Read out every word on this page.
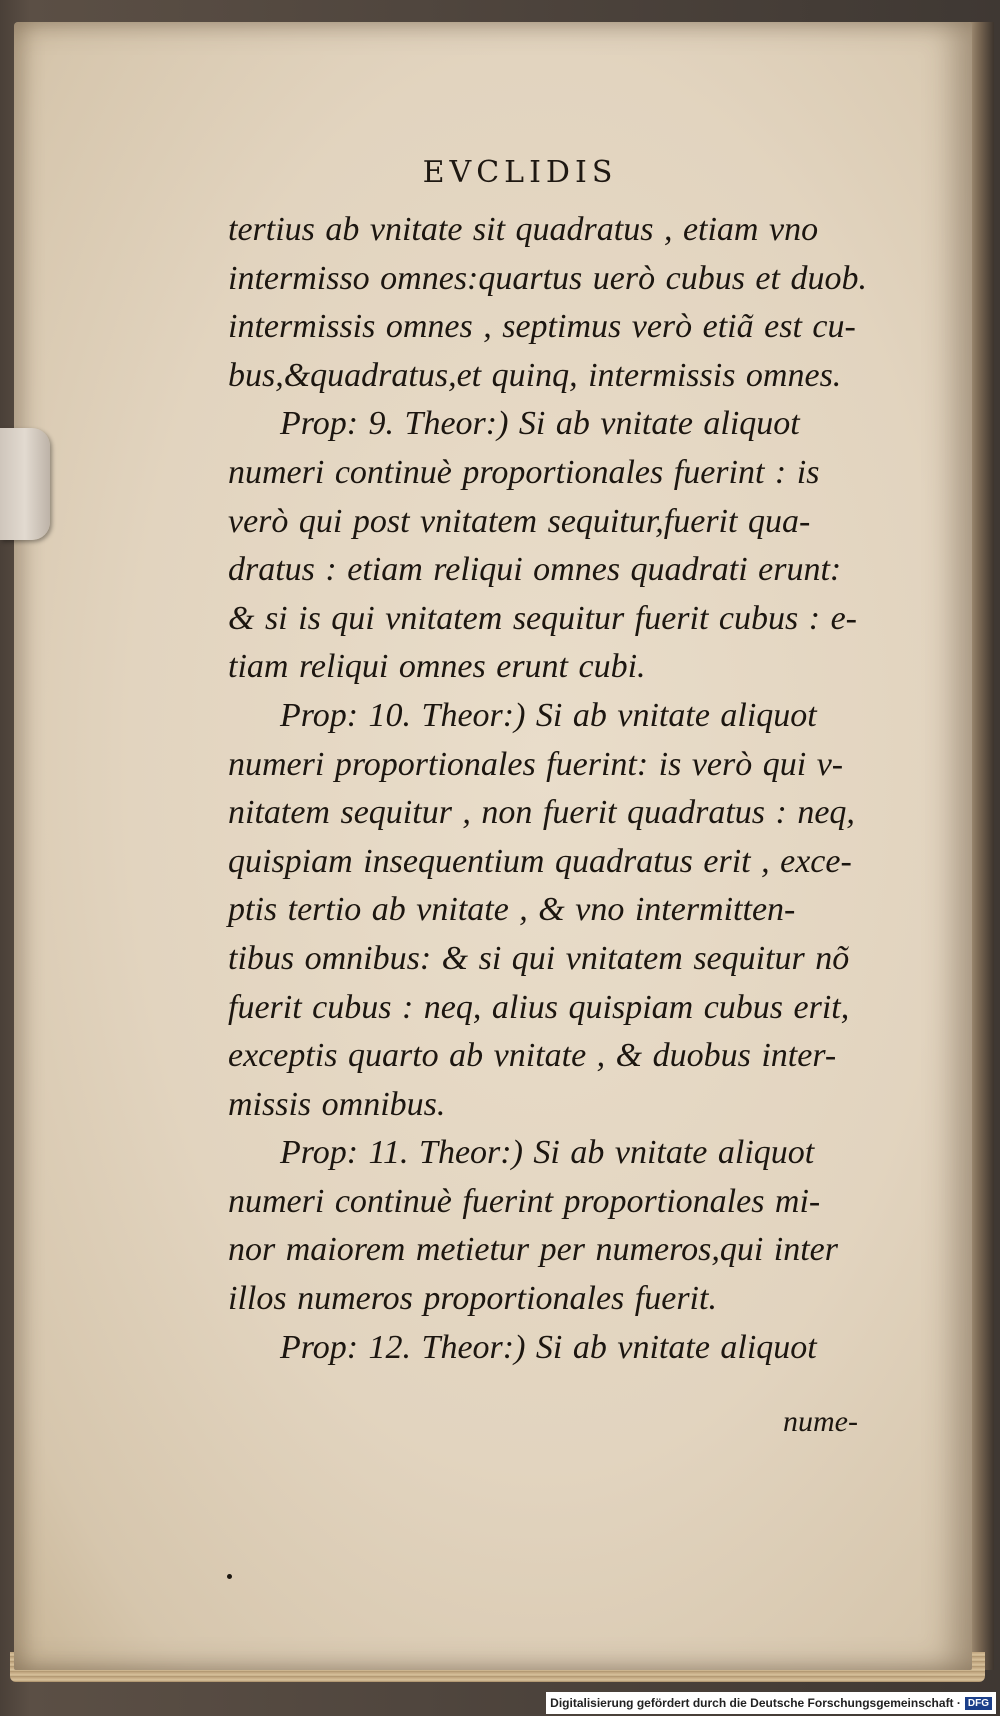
EVCLIDIS
tertius ab vnitate sit quadratus , etiam vno
intermisso omnes:quartus uerò cubus et duob.
intermissis omnes , septimus verò etiã est cu-
bus,&quadratus,et quinq, intermissis omnes.
Prop: 9. Theor:) Si ab vnitate aliquot
numeri continuè proportionales fuerint : is
verò qui post vnitatem sequitur,fuerit qua-
dratus : etiam reliqui omnes quadrati erunt:
& si is qui vnitatem sequitur fuerit cubus : e-
tiam reliqui omnes erunt cubi.
Prop: 10. Theor:) Si ab vnitate aliquot
numeri proportionales fuerint: is verò qui v-
nitatem sequitur , non fuerit quadratus : neq,
quispiam insequentium quadratus erit , exce-
ptis tertio ab vnitate , & vno intermitten-
tibus omnibus: & si qui vnitatem sequitur nõ
fuerit cubus : neq, alius quispiam cubus erit,
exceptis quarto ab vnitate , & duobus inter-
missis omnibus.
Prop: 11. Theor:) Si ab vnitate aliquot
numeri continuè fuerint proportionales mi-
nor maiorem metietur per numeros,qui inter
illos numeros proportionales fuerit.
Prop: 12. Theor:) Si ab vnitate aliquot
nume-
Digitalisierung gefördert durch die Deutsche Forschungsgemeinschaft · DFG
